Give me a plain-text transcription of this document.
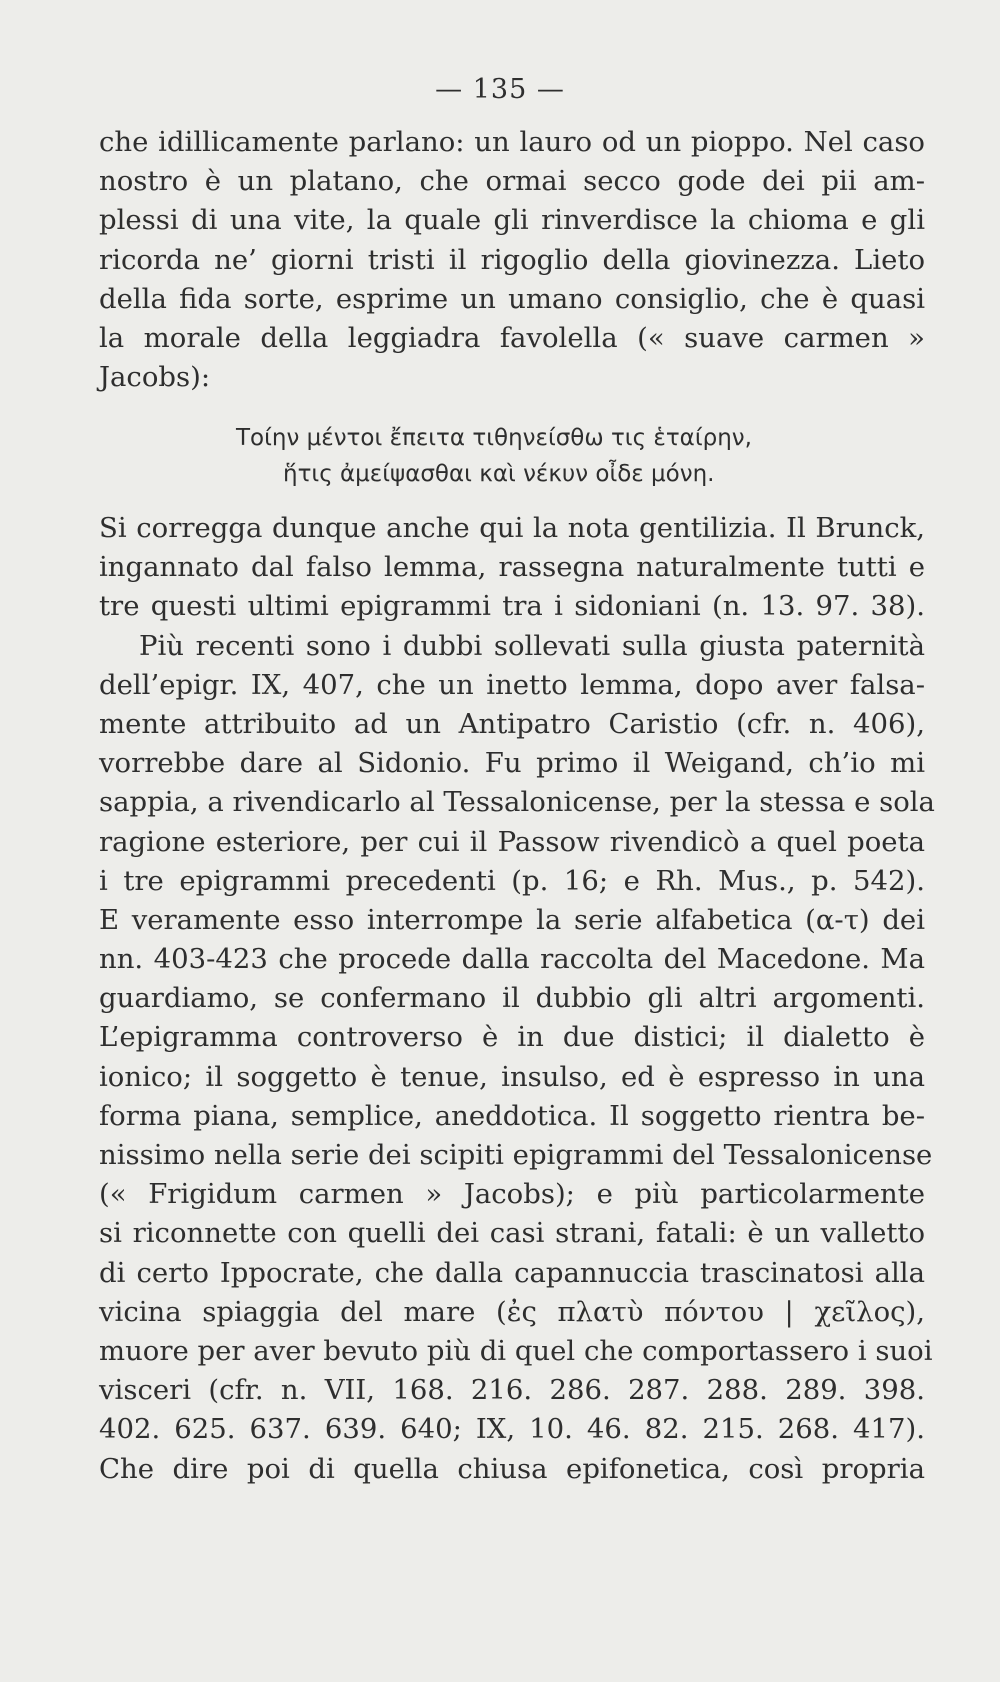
— 135 —
che idillicamente parlano: un lauro od un pioppo. Nel caso
nostro è un platano, che ormai secco gode dei pii am-
plessi di una vite, la quale gli rinverdisce la chioma e gli
ricorda ne’ giorni tristi il rigoglio della giovinezza. Lieto
della fida sorte, esprime un umano consiglio, che è quasi
la morale della leggiadra favolella (« suave carmen »
Jacobs):
Τοίην μέντοι ἔπειτα τιθηνείσθω τις ἑταίρην,
ἥτις ἀμείψασθαι καὶ νέκυν οἶδε μόνη.
Si corregga dunque anche qui la nota gentilizia. Il Brunck,
ingannato dal falso lemma, rassegna naturalmente tutti e
tre questi ultimi epigrammi tra i sidoniani (n. 13. 97. 38).
Più recenti sono i dubbi sollevati sulla giusta paternità
dell’epigr. IX, 407, che un inetto lemma, dopo aver falsa-
mente attribuito ad un Antipatro Caristio (cfr. n. 406),
vorrebbe dare al Sidonio. Fu primo il Weigand, ch’io mi
sappia, a rivendicarlo al Tessalonicense, per la stessa e sola
ragione esteriore, per cui il Passow rivendicò a quel poeta
i tre epigrammi precedenti (p. 16; e Rh. Mus., p. 542).
E veramente esso interrompe la serie alfabetica (α-τ) dei
nn. 403-423 che procede dalla raccolta del Macedone. Ma
guardiamo, se confermano il dubbio gli altri argomenti.
L’epigramma controverso è in due distici; il dialetto è
ionico; il soggetto è tenue, insulso, ed è espresso in una
forma piana, semplice, aneddotica. Il soggetto rientra be-
nissimo nella serie dei scipiti epigrammi del Tessalonicense
(« Frigidum carmen » Jacobs); e più particolarmente
si riconnette con quelli dei casi strani, fatali: è un valletto
di certo Ippocrate, che dalla capannuccia trascinatosi alla
vicina spiaggia del mare (ἐς πλατὺ πόντου | χεῖλος),
muore per aver bevuto più di quel che comportassero i suoi
visceri (cfr. n. VII, 168. 216. 286. 287. 288. 289. 398.
402. 625. 637. 639. 640; IX, 10. 46. 82. 215. 268. 417).
Che dire poi di quella chiusa epifonetica, così propria
